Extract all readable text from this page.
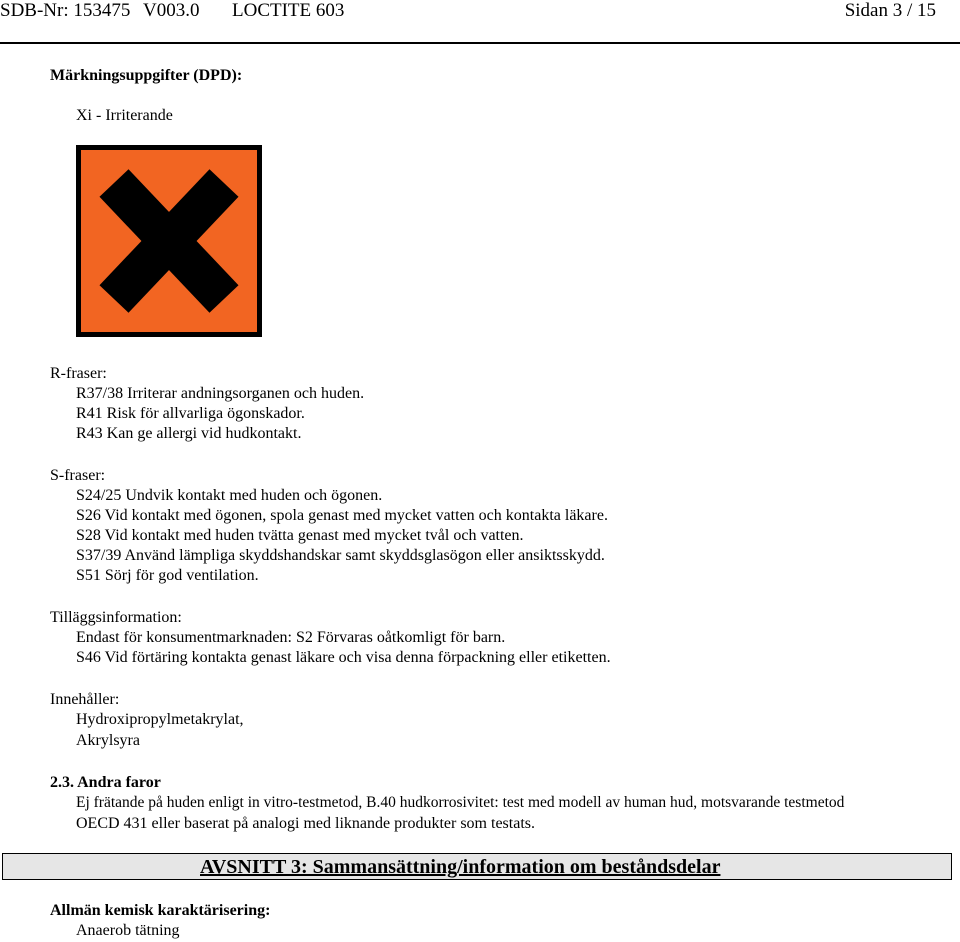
SDB-Nr: 153475 V003.0 LOCTITE 603	Sidan 3 / 15
Märkningsuppgifter (DPD):
Xi - Irriterande
R-fraser:
R37/38 Irriterar andningsorganen och huden.
R41 Risk för allvarliga ögonskador.
R43 Kan ge allergi vid hudkontakt.
S-fraser:
S24/25 Undvik kontakt med huden och ögonen.
S26 Vid kontakt med ögonen, spola genast med mycket vatten och kontakta läkare.
S28 Vid kontakt med huden tvätta genast med mycket tvål och vatten.
S37/39 Använd lämpliga skyddshandskar samt skyddsglasögon eller ansiktsskydd.
S51 Sörj för god ventilation.
Tilläggsinformation:
Endast för konsumentmarknaden: S2 Förvaras oåtkomligt för barn.
S46 Vid förtäring kontakta genast läkare och visa denna förpackning eller etiketten.
Innehåller:
Hydroxipropylmetakrylat,
Akrylsyra
2.3. Andra faror
Ej frätande på huden enligt in vitro-testmetod, B.40 hudkorrosivitet: test med modell av human hud, motsvarande testmetod
OECD 431 eller baserat på analogi med liknande produkter som testats.
AVSNITT 3: Sammansättning/information om beståndsdelar
Allmän kemisk karaktärisering:
Anaerob tätning
